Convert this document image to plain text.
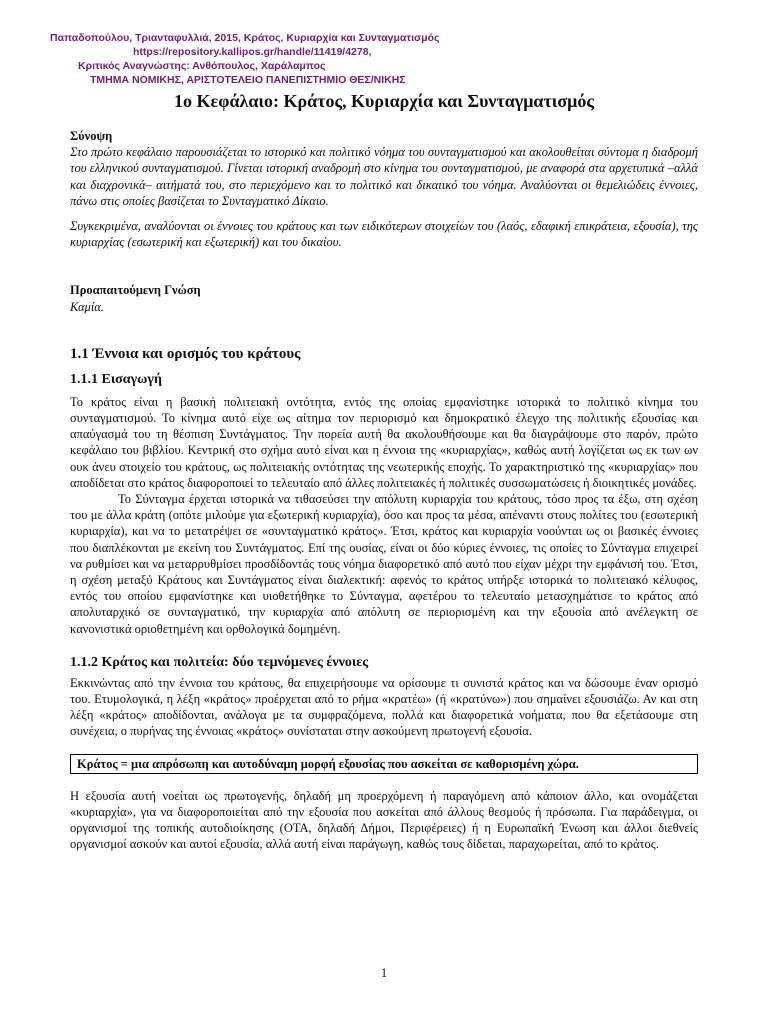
Παπαδοπούλου, Τριανταφυλλιά, 2015, Κράτος, Κυριαρχία και Συνταγματισμός
https://repository.kallipos.gr/handle/11419/4278,
Κριτικός Αναγνώστης: Ανθόπουλος, Χαράλαμπος
ΤΜΗΜΑ ΝΟΜΙΚΗΣ, ΑΡΙΣΤΟΤΕΛΕΙΟ ΠΑΝΕΠΙΣΤΗΜΙΟ ΘΕΣ/ΝΙΚΗΣ
1ο Κεφάλαιο: Κράτος, Κυριαρχία και Συνταγματισμός
Σύνοψη

Στο πρώτο κεφάλαιο παρουσιάζεται το ιστορικό και πολιτικό νόημα του συνταγματισμού και ακολουθείται σύντομα η διαδρομή του ελληνικού συνταγματισμού. Γίνεται ιστορική αναδρομή στο κίνημα του συνταγματισμού, με αναφορά στα αρχετυπικά –αλλά και διαχρονικά– αιτήματά του, στο περιεχόμενο και το πολιτικό και δικαιικό του νόημα. Αναλύονται οι θεμελιώδεις έννοιες, πάνω στις οποίες βασίζεται το Συνταγματικό Δίκαιο.

Συγκεκριμένα, αναλύονται οι έννοιες του κράτους και των ειδικότερων στοιχείων του (λαός, εδαφική επικράτεια, εξουσία), της κυριαρχίας (εσωτερική και εξωτερική) και του δικαίου.

Προαπαιτούμενη Γνώση
Καμία.
1.1 Έννοια και ορισμός του κράτους
1.1.1 Εισαγωγή

Το κράτος είναι η βασική πολιτειακή οντότητα, εντός της οποίας εμφανίστηκε ιστορικά το πολιτικό κίνημα του συνταγματισμού. Το κίνημα αυτό είχε ως αίτημα τον περιορισμό και δημοκρατικό έλεγχο της πολιτικής εξουσίας και απαύγασμά του τη θέσπιση Συντάγματος. Την πορεία αυτή θα ακολουθήσουμε και θα διαγράψουμε στο παρόν, πρώτο κεφάλαιο του βιβλίου. Κεντρική στο σχήμα αυτό είναι και η έννοια της «κυριαρχίας», καθώς αυτή λογίζεται ως εκ των ων ουκ άνευ στοιχείο του κράτους, ως πολιτειακής οντότητας της νεωτερικής εποχής. Το χαρακτηριστικό της «κυριαρχίας» που αποδίδεται στο κράτος διαφοροποιεί το τελευταίο από άλλες πολιτειακές ή πολιτικές συσσωματώσεις ή διοικητικές μονάδες.

Το Σύνταγμα έρχεται ιστορικά να τιθασεύσει την απόλυτη κυριαρχία του κράτους, τόσο προς τα έξω, στη σχέση του με άλλα κράτη (οπότε μιλούμε για εξωτερική κυριαρχία), όσο και προς τα μέσα, απέναντι στους πολίτες του (εσωτερική κυριαρχία), και να το μετατρέψει σε «συνταγματικό κράτος». Έτσι, κράτος και κυριαρχία νοούνται ως οι βασικές έννοιες που διαπλέκονται με εκείνη του Συντάγματος. Επί της ουσίας, είναι οι δύο κύριες έννοιες, τις οποίες το Σύνταγμα επιχειρεί να ρυθμίσει και να μεταρρυθμίσει προσδίδοντάς τους νόημα διαφορετικό από αυτό που είχαν μέχρι την εμφάνισή του. Έτσι, η σχέση μεταξύ Κράτους και Συντάγματος είναι διαλεκτική: αφενός το κράτος υπήρξε ιστορικά το πολιτειακό κέλυφος, εντός του οποίου εμφανίστηκε και υιοθετήθηκε το Σύνταγμα, αφετέρου το τελευταίο μετασχημάτισε το κράτος από απολυταρχικό σε συνταγματικό, την κυριαρχία από απόλυτη σε περιορισμένη και την εξουσία από ανέλεγκτη σε κανονιστικά οριοθετημένη και ορθολογικά δομημένη.

1.1.2 Κράτος και πολιτεία: δύο τεμνόμενες έννοιες

Εκκινώντας από την έννοια του κράτους, θα επιχειρήσουμε να ορίσουμε τι συνιστά κράτος και να δώσουμε έναν ορισμό του. Ετυμολογικά, η λέξη «κράτος» προέρχεται από το ρήμα «κρατέω» (ή «κρατύνω») που σημαίνει εξουσιάζω. Αν και στη λέξη «κράτος» αποδίδονται, ανάλογα με τα συμφραζόμενα, πολλά και διαφορετικά νοήματα, που θα εξετάσουμε στη συνέχεια, ο πυρήνας της έννοιας «κράτος» συνίσταται στην ασκούμενη πρωτογενή εξουσία.

Κράτος = μια απρόσωπη και αυτοδύναμη μορφή εξουσίας που ασκείται σε καθορισμένη χώρα.

Η εξουσία αυτή νοείται ως πρωτογενής, δηλαδή μη προερχόμενη ή παραγόμενη από κάποιον άλλο, και ονομάζεται «κυριαρχία», για να διαφοροποιείται από την εξουσία που ασκείται από άλλους θεσμούς ή πρόσωπα. Για παράδειγμα, οι οργανισμοί της τοπικής αυτοδιοίκησης (ΟΤΑ, δηλαδή Δήμοι, Περιφέρειες) ή η Ευρωπαϊκή Ένωση και άλλοι διεθνείς οργανισμοί ασκούν και αυτοί εξουσία, αλλά αυτή είναι παράγωγη, καθώς τους δίδεται, παραχωρείται, από το κράτος.

1
